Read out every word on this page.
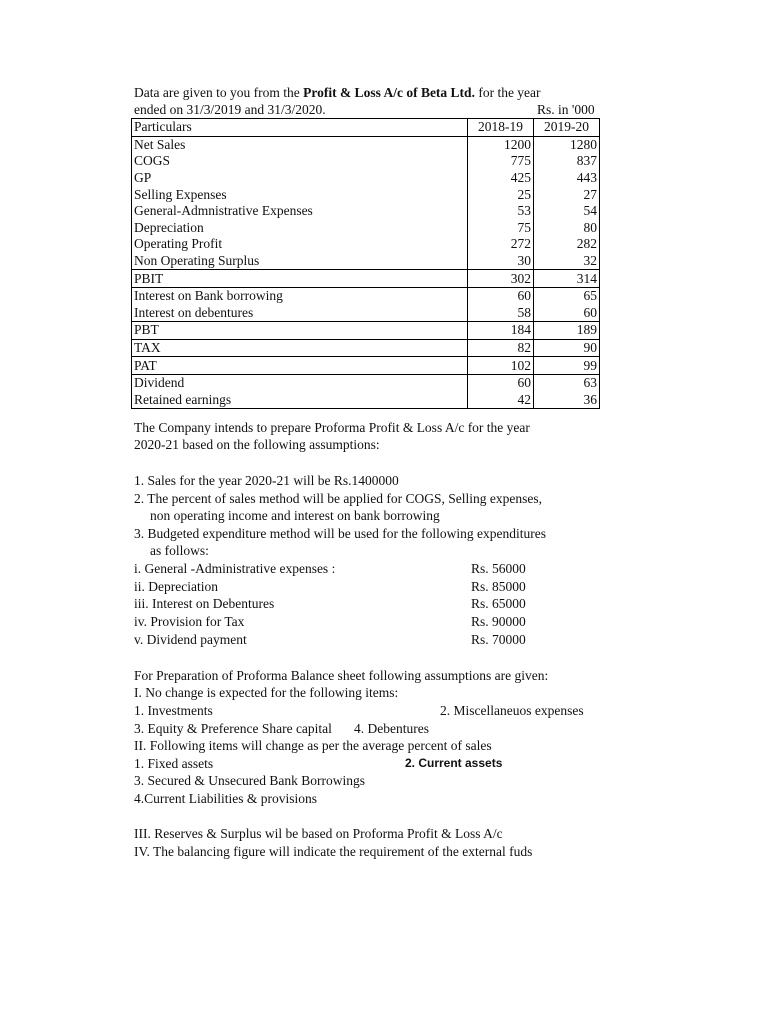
Data are given to you from the Profit & Loss A/c of Beta Ltd. for the year
ended on 31/3/2019 and 31/3/2020.	Rs. in '000
Particulars	2018-19	2019-20
Net Sales	1200	1280
COGS	775	837
GP	425	443
Selling Expenses	25	27
General-Admnistrative Expenses	53	54
Depreciation	75	80
Operating Profit	272	282
Non Operating Surplus	30	32
PBIT	302	314
Interest on Bank borrowing	60	65
Interest on debentures	58	60
PBT	184	189
TAX	82	90
PAT	102	99
Dividend	60	63
Retained earnings	42	36
The Company intends to prepare Proforma Profit & Loss A/c for the year
2020-21 based on the following assumptions:
1. Sales for the year 2020-21 will be Rs.1400000
2. The percent of sales method will be applied for COGS, Selling expenses,
non operating income and interest on bank borrowing
3. Budgeted expenditure method will be used for the following expenditures
as follows:
i. General -Administrative expenses :	Rs. 56000
ii. Depreciation	Rs. 85000
iii. Interest on Debentures	Rs. 65000
iv. Provision for Tax	Rs. 90000
v. Dividend payment	Rs. 70000
For Preparation of Proforma Balance sheet following assumptions are given:
I. No change is expected for the following items:
1. Investments	2. Miscellaneuos expenses
3. Equity & Preference Share capital 4. Debentures
II. Following items will change as per the average percent of sales
1. Fixed assets	2. Current assets
3. Secured & Unsecured Bank Borrowings
4.Current Liabilities & provisions
III. Reserves & Surplus wil be based on Proforma Profit & Loss A/c
IV. The balancing figure will indicate the requirement of the external fuds
